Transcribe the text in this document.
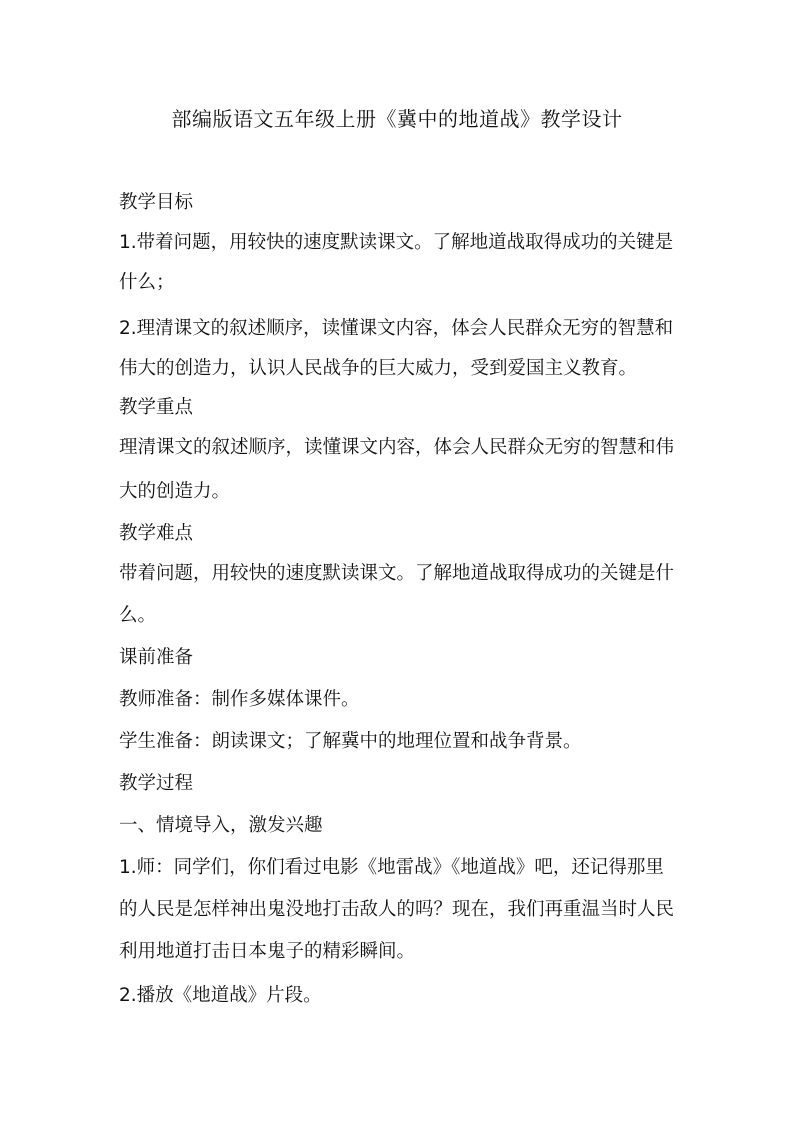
部编版语文五年级上册《冀中的地道战》教学设计
教学目标
1.带着问题，用较快的速度默读课文。了解地道战取得成功的关键是
什么；
2.理清课文的叙述顺序，读懂课文内容，体会人民群众无穷的智慧和
伟大的创造力，认识人民战争的巨大威力，受到爱国主义教育。
教学重点
理清课文的叙述顺序，读懂课文内容，体会人民群众无穷的智慧和伟
大的创造力。
教学难点
带着问题，用较快的速度默读课文。了解地道战取得成功的关键是什
么。
课前准备
教师准备：制作多媒体课件。
学生准备：朗读课文；了解冀中的地理位置和战争背景。
教学过程
一、情境导入，激发兴趣
1.师：同学们，你们看过电影《地雷战》《地道战》吧，还记得那里
的人民是怎样神出鬼没地打击敌人的吗？现在，我们再重温当时人民
利用地道打击日本鬼子的精彩瞬间。
2.播放《地道战》片段。
